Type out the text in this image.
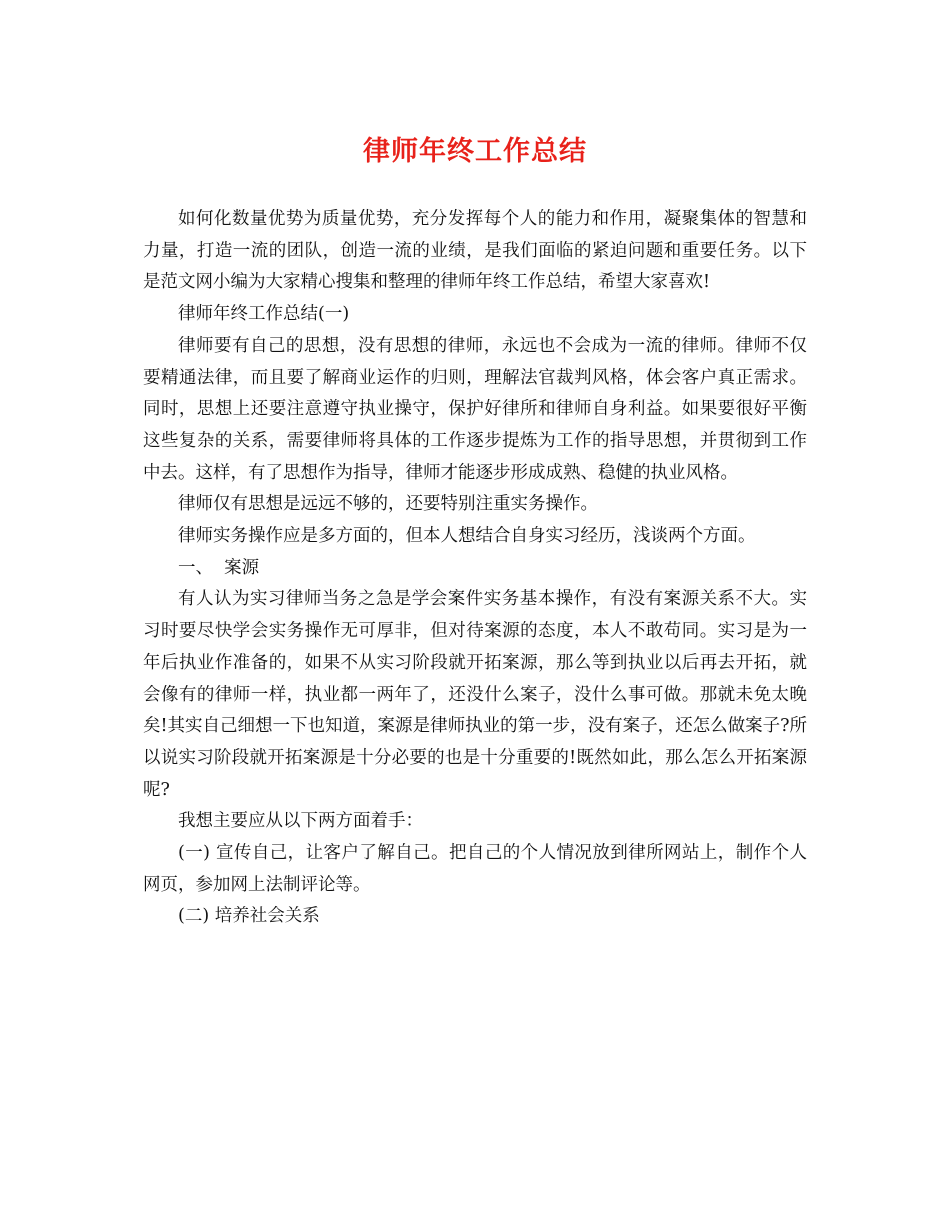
律师年终工作总结

如何化数量优势为质量优势，充分发挥每个人的能力和作用，凝聚集体的智慧和力量，打造一流的团队，创造一流的业绩，是我们面临的紧迫问题和重要任务。以下是范文网小编为大家精心搜集和整理的律师年终工作总结，希望大家喜欢!

律师年终工作总结(一)

律师要有自己的思想，没有思想的律师，永远也不会成为一流的律师。律师不仅要精通法律，而且要了解商业运作的归则，理解法官裁判风格，体会客户真正需求。同时，思想上还要注意遵守执业操守，保护好律所和律师自身利益。如果要很好平衡这些复杂的关系，需要律师将具体的工作逐步提炼为工作的指导思想，并贯彻到工作中去。这样，有了思想作为指导，律师才能逐步形成成熟、稳健的执业风格。

律师仅有思想是远远不够的，还要特别注重实务操作。

律师实务操作应是多方面的，但本人想结合自身实习经历，浅谈两个方面。

一、  案源

有人认为实习律师当务之急是学会案件实务基本操作，有没有案源关系不大。实习时要尽快学会实务操作无可厚非，但对待案源的态度，本人不敢苟同。实习是为一年后执业作准备的，如果不从实习阶段就开拓案源，那么等到执业以后再去开拓，就会像有的律师一样，执业都一两年了，还没什么案子，没什么事可做。那就未免太晚矣!其实自己细想一下也知道，案源是律师执业的第一步，没有案子，还怎么做案子?所以说实习阶段就开拓案源是十分必要的也是十分重要的!既然如此，那么怎么开拓案源呢?

我想主要应从以下两方面着手：

(一) 宣传自己，让客户了解自己。把自己的个人情况放到律所网站上，制作个人网页，参加网上法制评论等。

(二) 培养社会关系
